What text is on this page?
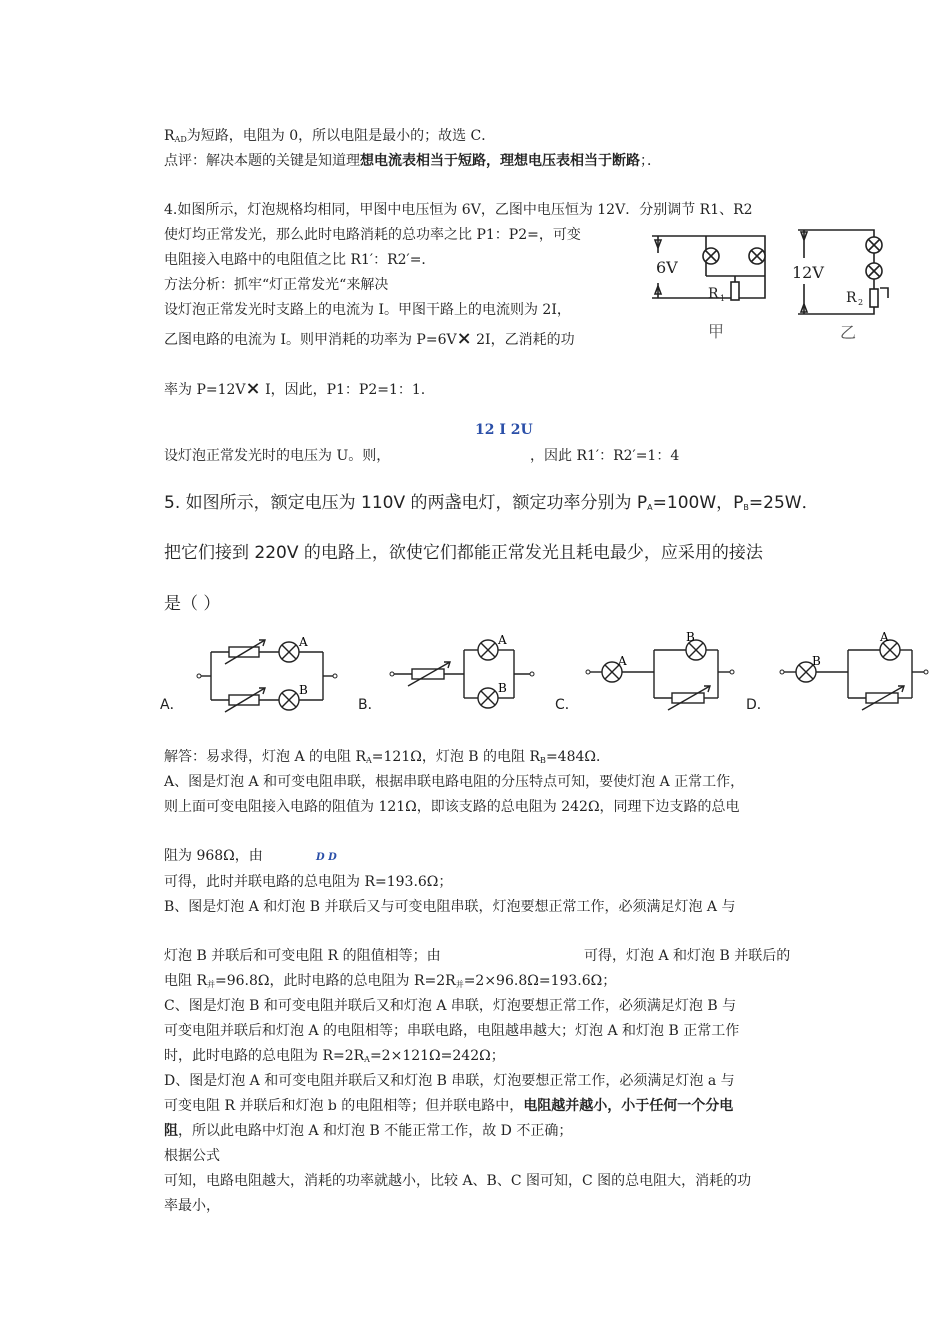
$R_{AD}$为短路，电阻为 0，所以电阻是最小的；故选 C．
点评：解决本题的关键是知道理想电流表相当于短路，理想电压表相当于断路；．
4.如图所示，灯泡规格均相同，甲图中电压恒为 6V，乙图中电压恒为 12V．分别调节 R1、R2
使灯均正常发光，那么此时电路消耗的总功率之比 P1：P2=，可变
电阻接入电路中的电阻值之比 R1′：R2′=．
方法分析：抓牢“灯正常发光“来解决
设灯泡正常发光时支路上的电流为 I。甲图干路上的电流则为 2I，
乙图电路的电流为 I。则甲消耗的功率为 P=6V× 2I，乙消耗的功
率为 P=12V× I，因此，P1：P2=1：1.
12 I 2U
设灯泡正常发光时的电压为 U。则，	，因此 R1′：R2′=1：4
6V
R 1
甲
12V
R 2
乙
5. 如图所示，额定电压为 110V 的两盏电灯，额定功率分别为 $P_A=100W$，$P_B=25W$．
把它们接到 220V 的电路上，欲使它们都能正常发光且耗电最少，应采用的接法
是（ ）
A．	B．	C．	D．
A
B
A
B
A
B
B
A
解答：易求得，灯泡 A 的电阻 $R_A=121\Omega$，灯泡 B 的电阻 $R_B=484\Omega$．
A、图是灯泡 A 和可变电阻串联，根据串联电路电阻的分压特点可知，要使灯泡 A 正常工作，
则上面可变电阻接入电路的阻值为 121Ω，即该支路的总电阻为 242Ω，同理下边支路的总电
阻为 968Ω，由	D D
可得，此时并联电路的总电阻为 R=193.6Ω；
B、图是灯泡 A 和灯泡 B 并联后又与可变电阻串联，灯泡要想正常工作，必须满足灯泡 A 与
灯泡 B 并联后和可变电阻 R 的阻值相等；由	可得，灯泡 A 和灯泡 B 并联后的
电阻 $R_并=96.8\Omega$，此时电路的总电阻为 $R=2R_并=2\times 96.8\Omega=193.6\Omega$；
C、图是灯泡 B 和可变电阻并联后又和灯泡 A 串联，灯泡要想正常工作，必须满足灯泡 B 与
可变电阻并联后和灯泡 A 的电阻相等；串联电路，电阻越串越大；灯泡 A 和灯泡 B 正常工作
时，此时电路的总电阻为 $R=2R_A=2\times 121\Omega=242\Omega$；
D、图是灯泡 A 和可变电阻并联后又和灯泡 B 串联，灯泡要想正常工作，必须满足灯泡 a 与
可变电阻 R 并联后和灯泡 b 的电阻相等；但并联电路中，电阻越并越小，小于任何一个分电
阻，所以此电路中灯泡 A 和灯泡 B 不能正常工作，故 D 不正确；
根据公式
可知，电路电阻越大，消耗的功率就越小，比较 A、B、C 图可知，C 图的总电阻大，消耗的功
率最小，
